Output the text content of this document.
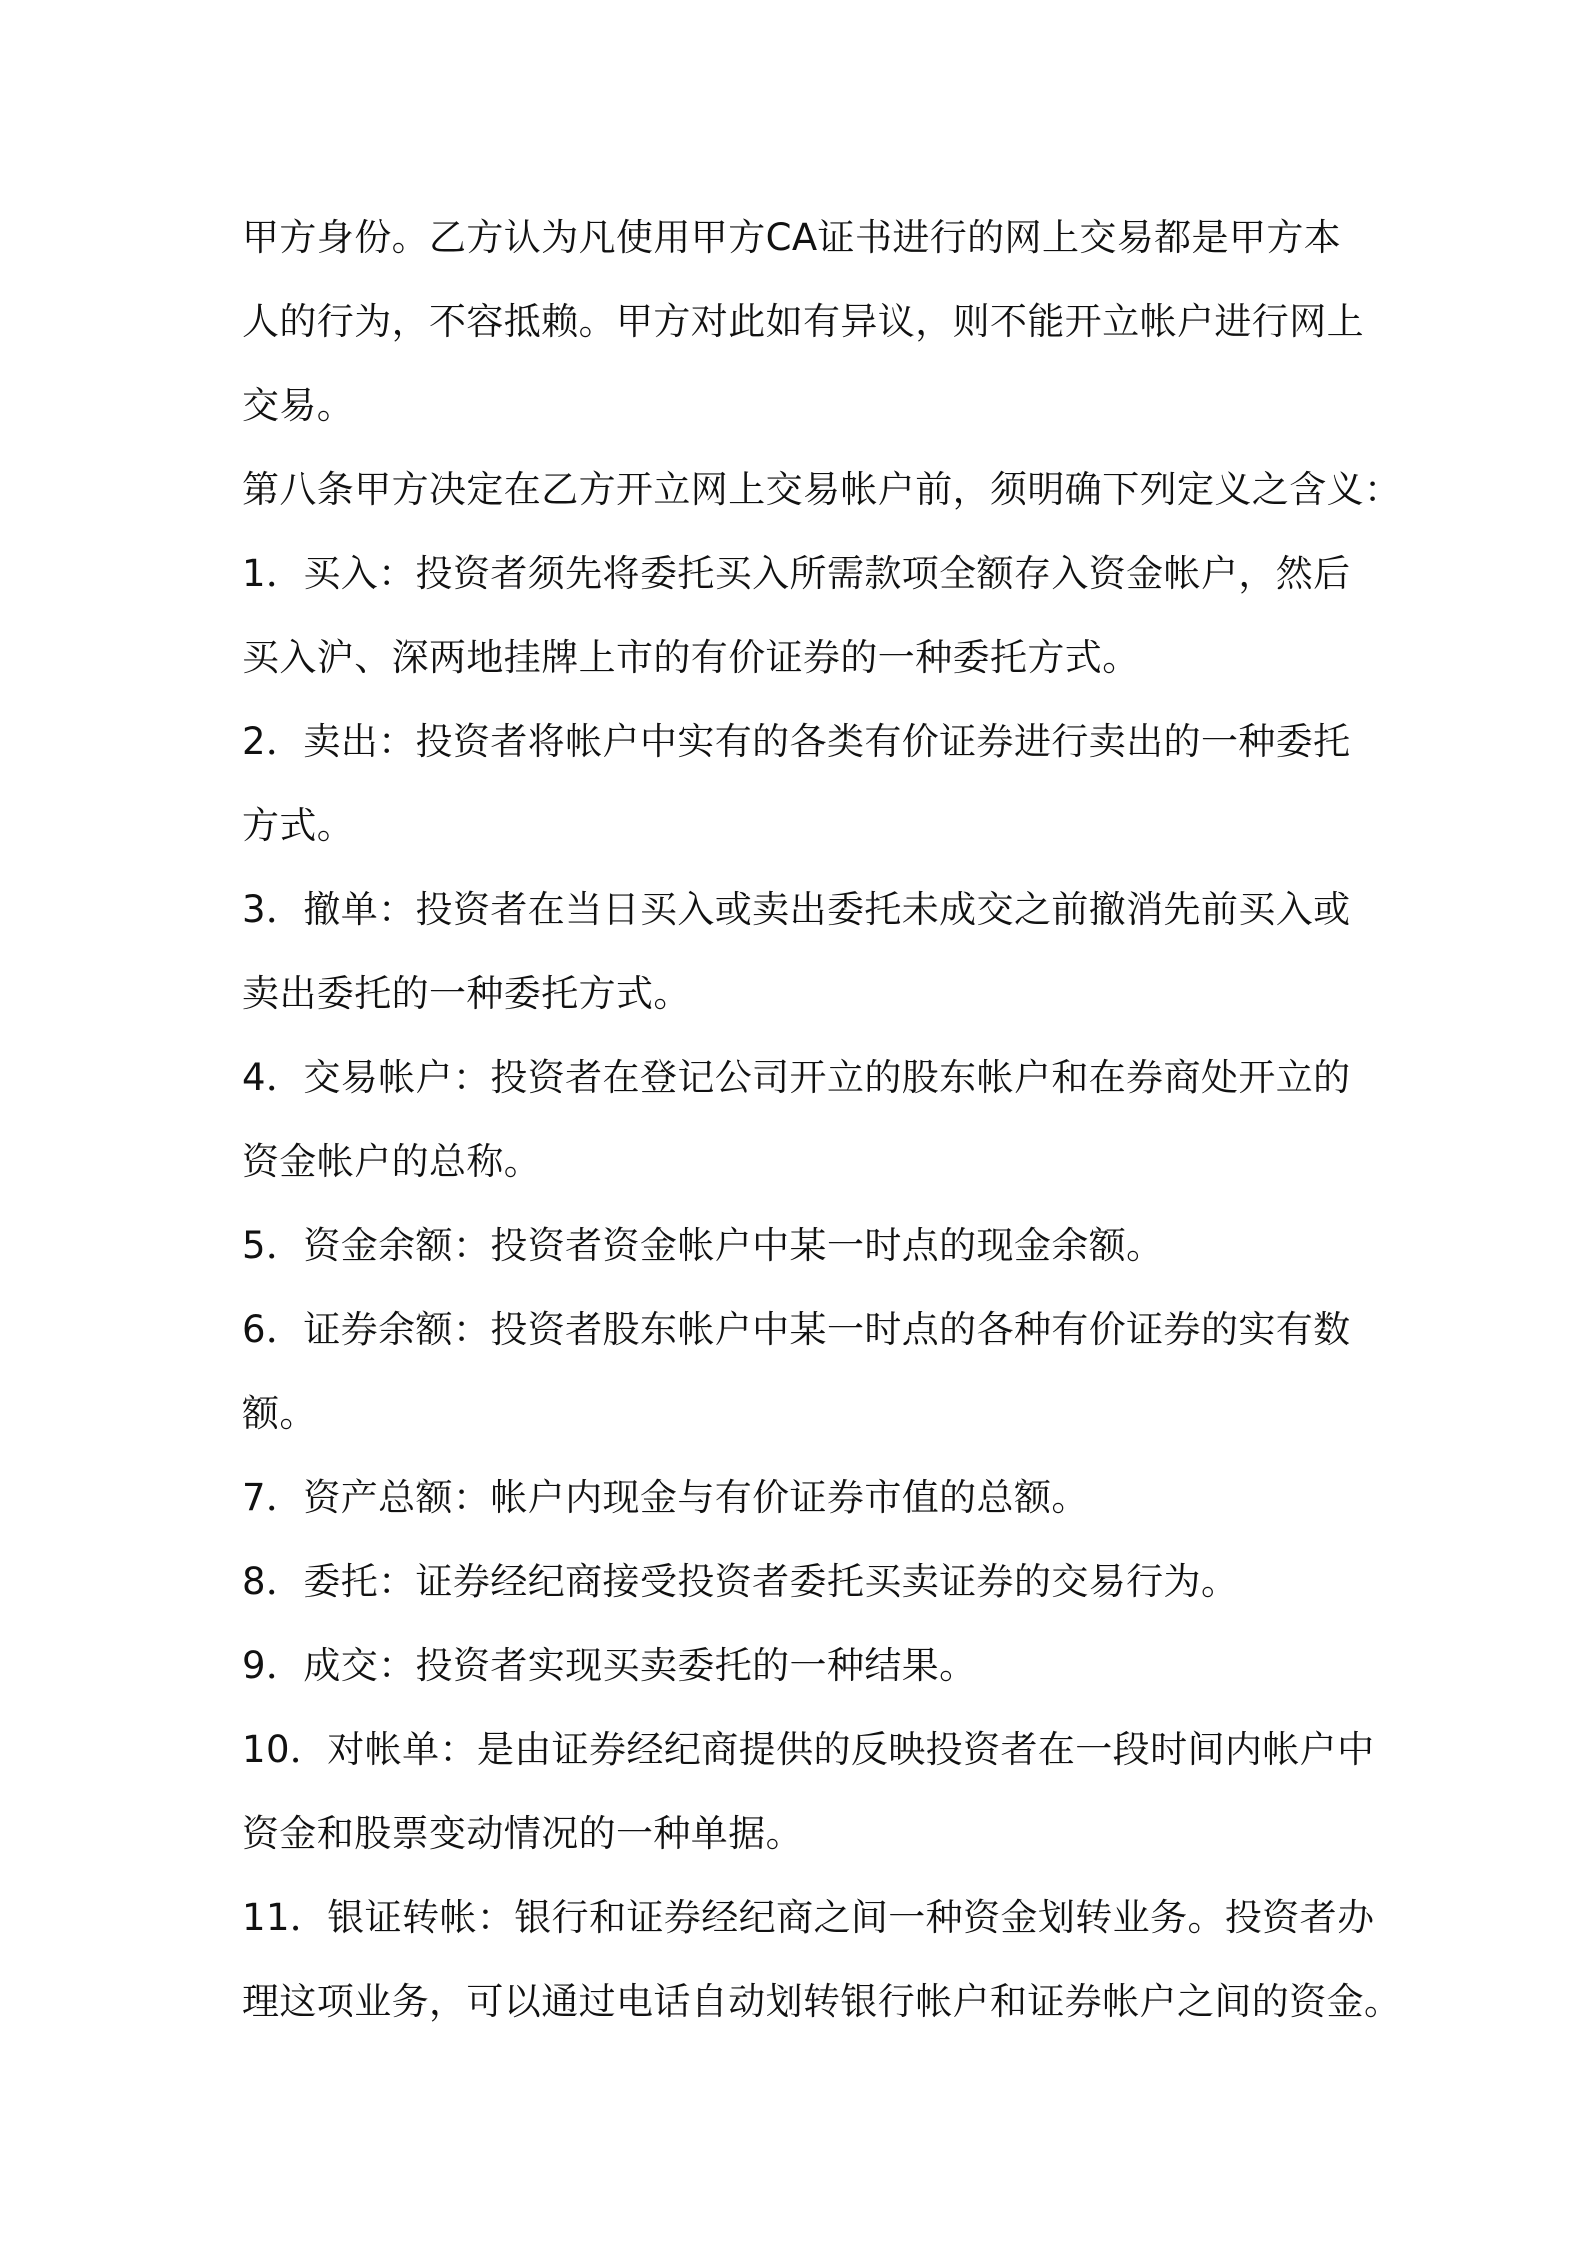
甲方身份。乙方认为凡使用甲方CA证书进行的网上交易都是甲方本

人的行为，不容抵赖。甲方对此如有异议，则不能开立帐户进行网上

交易。

第八条甲方决定在乙方开立网上交易帐户前，须明确下列定义之含义：

1．买入：投资者须先将委托买入所需款项全额存入资金帐户，然后

买入沪、深两地挂牌上市的有价证券的一种委托方式。

2．卖出：投资者将帐户中实有的各类有价证券进行卖出的一种委托

方式。

3．撤单：投资者在当日买入或卖出委托未成交之前撤消先前买入或

卖出委托的一种委托方式。

4．交易帐户：投资者在登记公司开立的股东帐户和在券商处开立的

资金帐户的总称。

5．资金余额：投资者资金帐户中某一时点的现金余额。

6．证券余额：投资者股东帐户中某一时点的各种有价证券的实有数

额。

7．资产总额：帐户内现金与有价证券市值的总额。

8．委托：证券经纪商接受投资者委托买卖证券的交易行为。

9．成交：投资者实现买卖委托的一种结果。

10．对帐单：是由证券经纪商提供的反映投资者在一段时间内帐户中

资金和股票变动情况的一种单据。

11．银证转帐：银行和证券经纪商之间一种资金划转业务。投资者办

理这项业务，可以通过电话自动划转银行帐户和证券帐户之间的资金。
